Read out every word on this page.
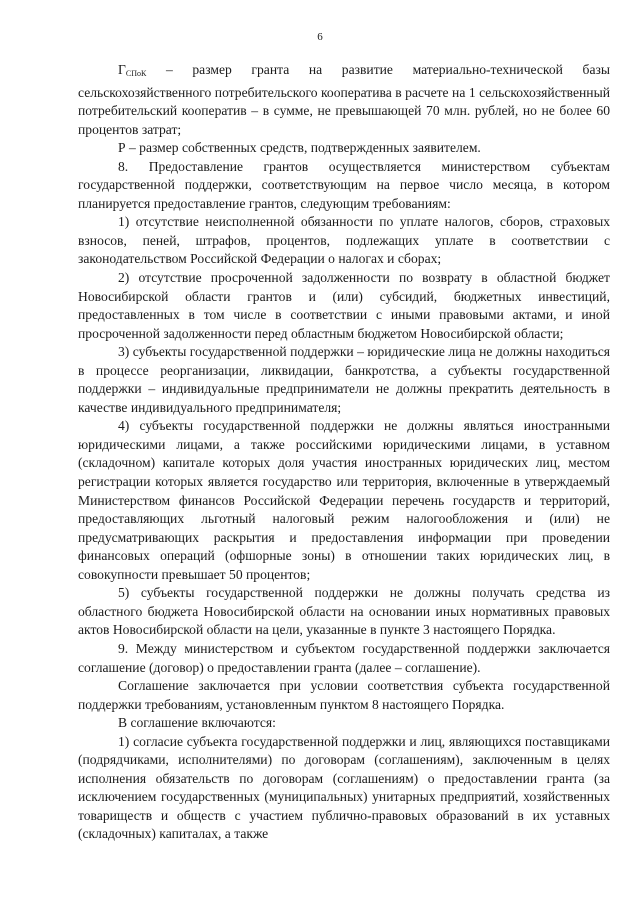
6

$Г_{СПоК}$ – размер гранта на развитие материально-технической базы сельскохозяйственного потребительского кооператива в расчете на 1 сельскохозяйственный потребительский кооператив – в сумме, не превышающей 70 млн. рублей, но не более 60 процентов затрат;

Р – размер собственных средств, подтвержденных заявителем.

8. Предоставление грантов осуществляется министерством субъектам государственной поддержки, соответствующим на первое число месяца, в котором планируется предоставление грантов, следующим требованиям:

1) отсутствие неисполненной обязанности по уплате налогов, сборов, страховых взносов, пеней, штрафов, процентов, подлежащих уплате в соответствии с законодательством Российской Федерации о налогах и сборах;

2) отсутствие просроченной задолженности по возврату в областной бюджет Новосибирской области грантов и (или) субсидий, бюджетных инвестиций, предоставленных в том числе в соответствии с иными правовыми актами, и иной просроченной задолженности перед областным бюджетом Новосибирской области;

3) субъекты государственной поддержки – юридические лица не должны находиться в процессе реорганизации, ликвидации, банкротства, а субъекты государственной поддержки – индивидуальные предприниматели не должны прекратить деятельность в качестве индивидуального предпринимателя;

4) субъекты государственной поддержки не должны являться иностранными юридическими лицами, а также российскими юридическими лицами, в уставном (складочном) капитале которых доля участия иностранных юридических лиц, местом регистрации которых является государство или территория, включенные в утверждаемый Министерством финансов Российской Федерации перечень государств и территорий, предоставляющих льготный налоговый режим налогообложения и (или) не предусматривающих раскрытия и предоставления информации при проведении финансовых операций (офшорные зоны) в отношении таких юридических лиц, в совокупности превышает 50 процентов;

5) субъекты государственной поддержки не должны получать средства из областного бюджета Новосибирской области на основании иных нормативных правовых актов Новосибирской области на цели, указанные в пункте 3 настоящего Порядка.

9. Между министерством и субъектом государственной поддержки заключается соглашение (договор) о предоставлении гранта (далее – соглашение).

Соглашение заключается при условии соответствия субъекта государственной поддержки требованиям, установленным пунктом 8 настоящего Порядка.

В соглашение включаются:

1) согласие субъекта государственной поддержки и лиц, являющихся поставщиками (подрядчиками, исполнителями) по договорам (соглашениям), заключенным в целях исполнения обязательств по договорам (соглашениям) о предоставлении гранта (за исключением государственных (муниципальных) унитарных предприятий, хозяйственных товариществ и обществ с участием публично-правовых образований в их уставных (складочных) капиталах, а также
